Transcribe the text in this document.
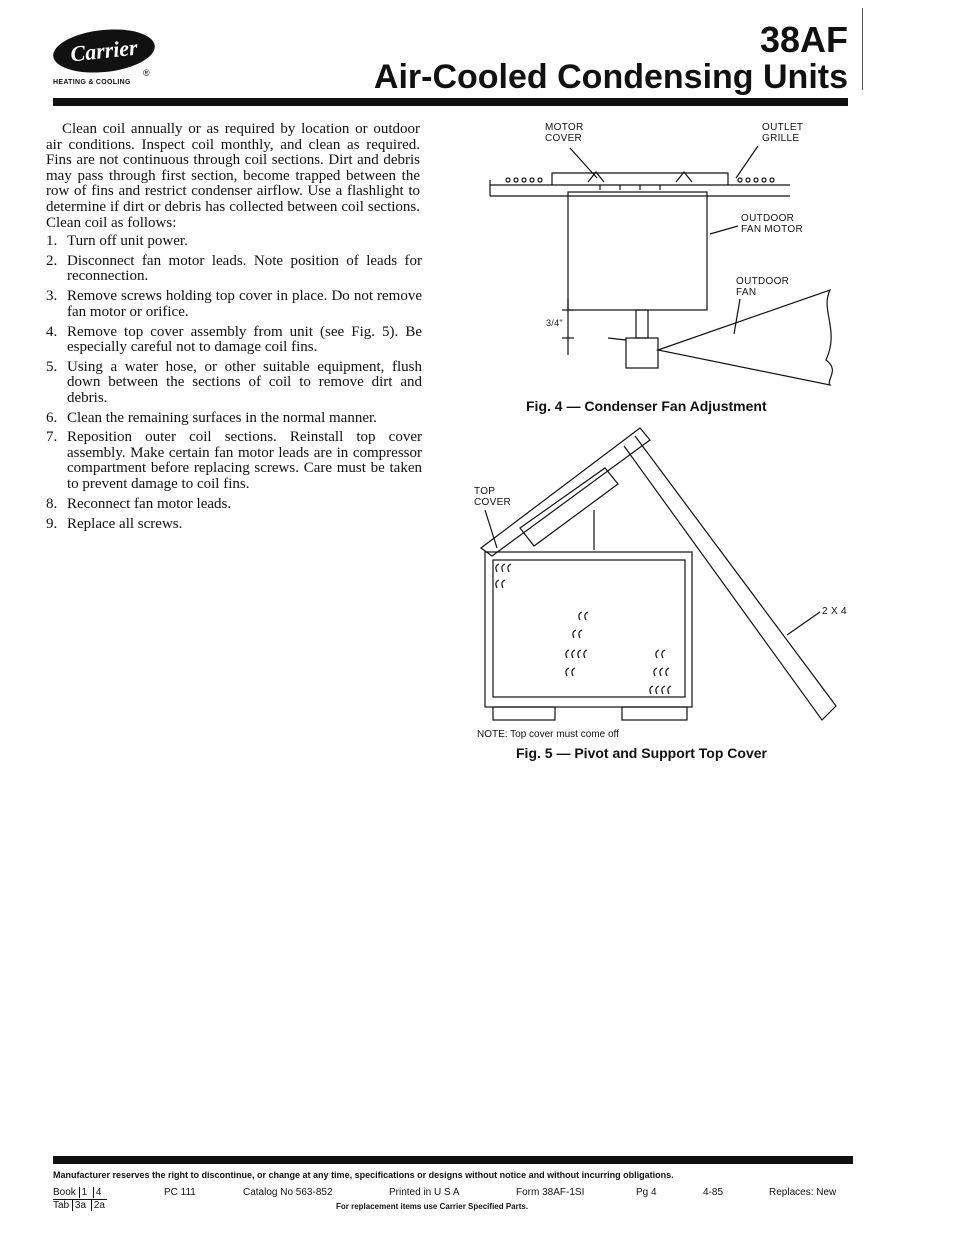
Carrier
®
HEATING & COOLING
38AF
Air-Cooled Condensing Units
Clean coil annually or as required by location or outdoor air conditions. Inspect coil monthly, and clean as required. Fins are not continuous through coil sections. Dirt and debris may pass through first section, become trapped between the row of fins and restrict condenser airflow. Use a flashlight to determine if dirt or debris has collected between coil sections. Clean coil as follows:
1. Turn off unit power.
2. Disconnect fan motor leads. Note position of leads for reconnection.
3. Remove screws holding top cover in place. Do not remove fan motor or orifice.
4. Remove top cover assembly from unit (see Fig. 5). Be especially careful not to damage coil fins.
5. Using a water hose, or other suitable equipment, flush down between the sections of coil to remove dirt and debris.
6. Clean the remaining surfaces in the normal manner.
7. Reposition outer coil sections. Reinstall top cover assembly. Make certain fan motor leads are in compressor compartment before replacing screws. Care must be taken to prevent damage to coil fins.
8. Reconnect fan motor leads.
9. Replace all screws.
MOTOR
COVER
OUTLET
GRILLE
OUTDOOR
FAN MOTOR
OUTDOOR
FAN
3/4"
Fig. 4 — Condenser Fan Adjustment
TOP
COVER
2 X 4
NOTE: Top cover must come off
Fig. 5 — Pivot and Support Top Cover
Manufacturer reserves the right to discontinue, or change at any time, specifications or designs without notice and without incurring obligations.
Book 1 4
Tab 3a 2a
PC 111	Catalog No 563-852	Printed in U S A	Form 38AF-1SI	Pg 4	4-85	Replaces: New
For replacement items use Carrier Specified Parts.
